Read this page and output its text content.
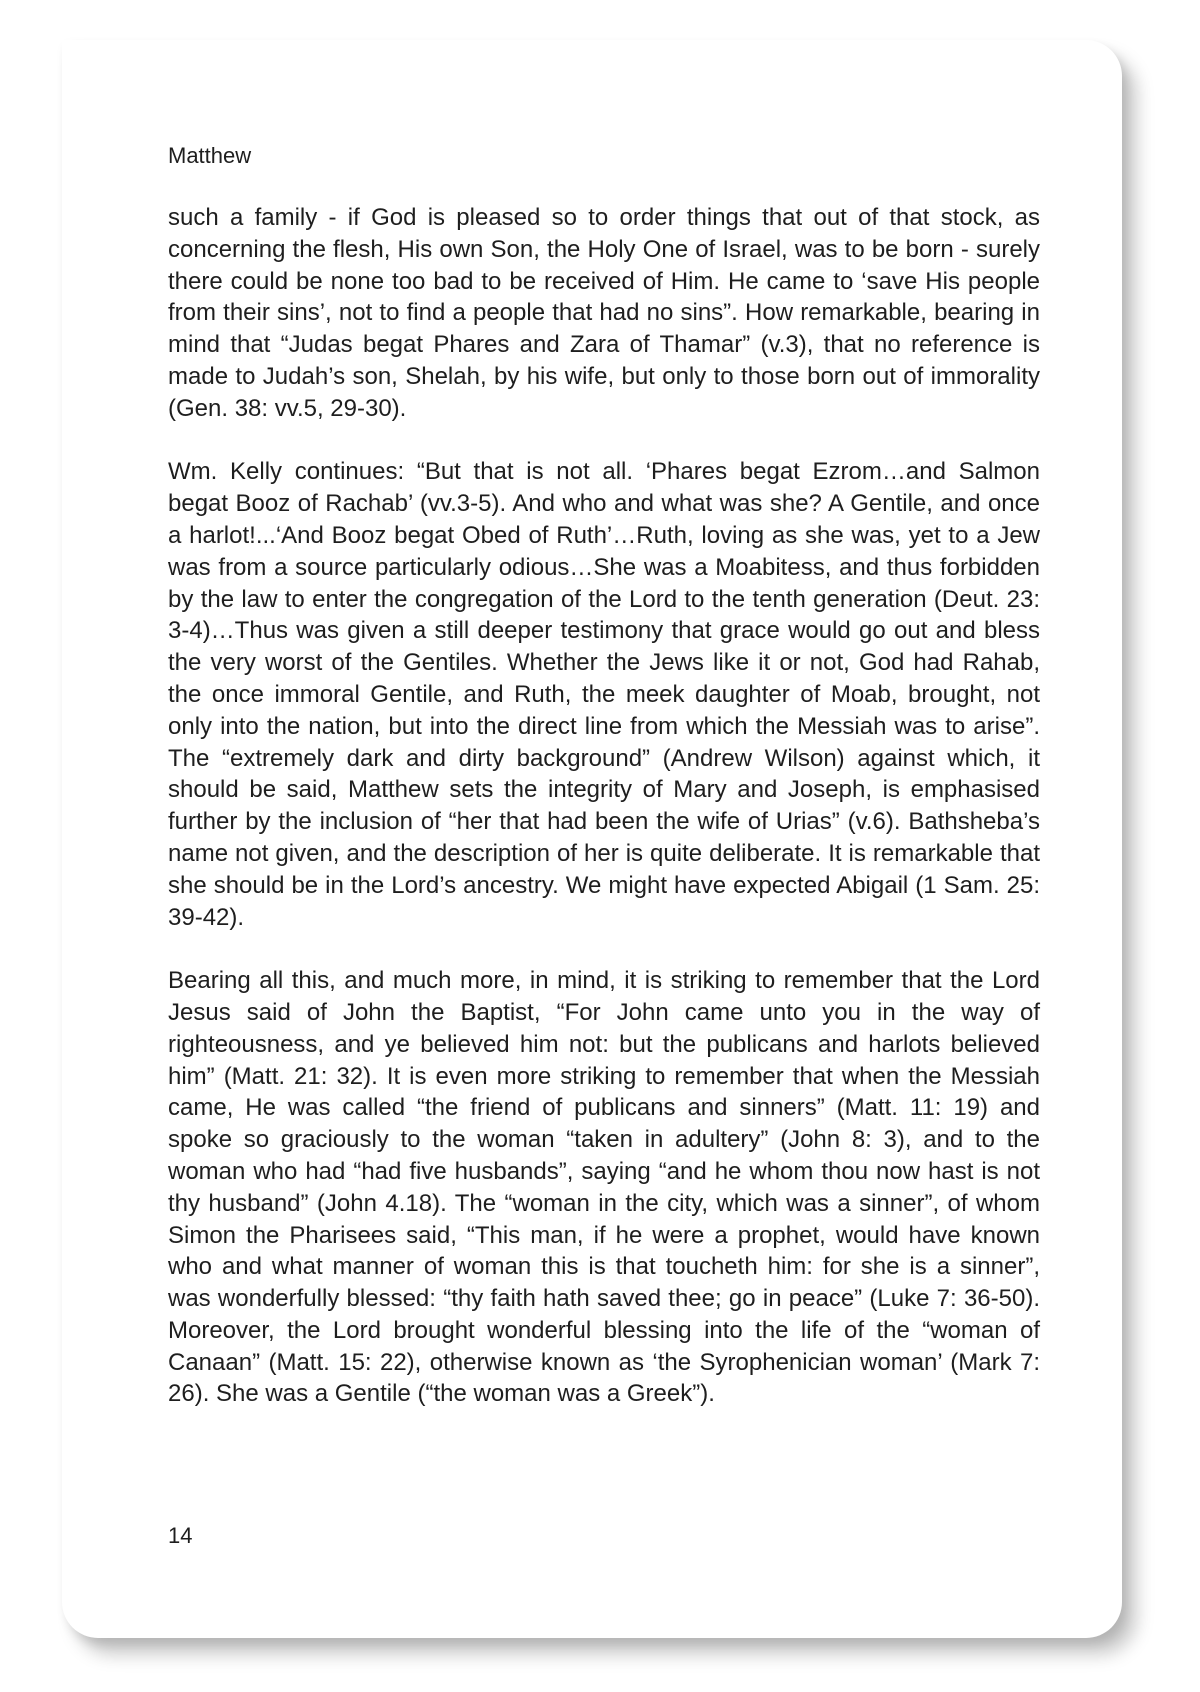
Matthew

such a family - if God is pleased so to order things that out of that stock, as concerning the flesh, His own Son, the Holy One of Israel, was to be born - surely there could be none too bad to be received of Him. He came to ‘save His people from their sins’, not to find a people that had no sins”. How remarkable, bearing in mind that “Judas begat Phares and Zara of Thamar” (v.3), that no reference is made to Judah’s son, Shelah, by his wife, but only to those born out of immorality (Gen. 38: vv.5, 29-30).

Wm. Kelly continues: “But that is not all. ‘Phares begat Ezrom…and Salmon begat Booz of Rachab’ (vv.3-5). And who and what was she? A Gentile, and once a harlot!...‘And Booz begat Obed of Ruth’…Ruth, loving as she was, yet to a Jew was from a source particularly odious…She was a Moabitess, and thus forbidden by the law to enter the congregation of the Lord to the tenth generation (Deut. 23: 3-4)…Thus was given a still deeper testimony that grace would go out and bless the very worst of the Gentiles. Whether the Jews like it or not, God had Rahab, the once immoral Gentile, and Ruth, the meek daughter of Moab, brought, not only into the nation, but into the direct line from which the Messiah was to arise”. The “extremely dark and dirty background” (Andrew Wilson) against which, it should be said, Matthew sets the integrity of Mary and Joseph, is emphasised further by the inclusion of “her that had been the wife of Urias” (v.6). Bathsheba’s name not given, and the description of her is quite deliberate. It is remarkable that she should be in the Lord’s ancestry. We might have expected Abigail (1 Sam. 25: 39-42).

Bearing all this, and much more, in mind, it is striking to remember that the Lord Jesus said of John the Baptist, “For John came unto you in the way of righteousness, and ye believed him not: but the publicans and harlots believed him” (Matt. 21: 32). It is even more striking to remember that when the Messiah came, He was called “the friend of publicans and sinners” (Matt. 11: 19) and spoke so graciously to the woman “taken in adultery” (John 8: 3), and to the woman who had “had five husbands”, saying “and he whom thou now hast is not thy husband” (John 4.18). The “woman in the city, which was a sinner”, of whom Simon the Pharisees said, “This man, if he were a prophet, would have known who and what manner of woman this is that toucheth him: for she is a sinner”, was wonderfully blessed: “thy faith hath saved thee; go in peace” (Luke 7: 36-50). Moreover, the Lord brought wonderful blessing into the life of the “woman of Canaan” (Matt. 15: 22), otherwise known as ‘the Syrophenician woman’ (Mark 7: 26). She was a Gentile (“the woman was a Greek”).

14
